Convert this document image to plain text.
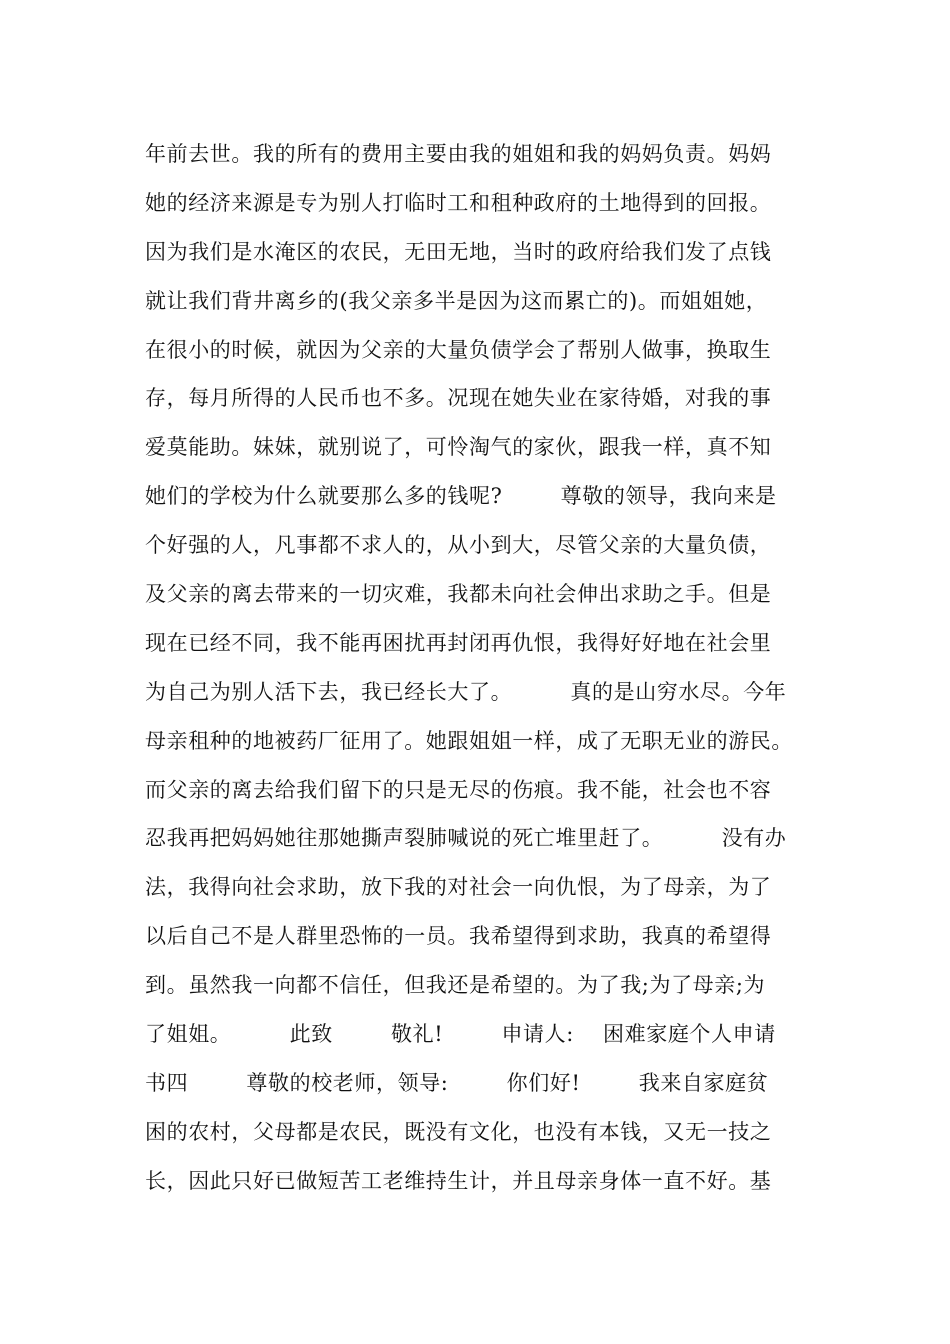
年前去世。我的所有的费用主要由我的姐姐和我的妈妈负责。妈妈
她的经济来源是专为别人打临时工和租种政府的土地得到的回报。
因为我们是水淹区的农民，无田无地，当时的政府给我们发了点钱
就让我们背井离乡的(我父亲多半是因为这而累亡的)。而姐姐她，
在很小的时候，就因为父亲的大量负债学会了帮别人做事，换取生
存，每月所得的人民币也不多。况现在她失业在家待婚，对我的事
爱莫能助。妹妹，就别说了，可怜淘气的家伙，跟我一样，真不知
她们的学校为什么就要那么多的钱呢?        尊敬的领导，我向来是
个好强的人，凡事都不求人的，从小到大，尽管父亲的大量负债，
及父亲的离去带来的一切灾难，我都未向社会伸出求助之手。但是
现在已经不同，我不能再困扰再封闭再仇恨，我得好好地在社会里
为自己为别人活下去，我已经长大了。        真的是山穷水尽。今年
母亲租种的地被药厂征用了。她跟姐姐一样，成了无职无业的游民。
而父亲的离去给我们留下的只是无尽的伤痕。我不能，社会也不容
忍我再把妈妈她往那她撕声裂肺喊说的死亡堆里赶了。        没有办
法，我得向社会求助，放下我的对社会一向仇恨，为了母亲，为了
以后自己不是人群里恐怖的一员。我希望得到求助，我真的希望得
到。虽然我一向都不信任，但我还是希望的。为了我;为了母亲;为
了姐姐。        此致        敬礼!        申请人:    困难家庭个人申请
书四        尊敬的校老师，领导:        你们好!        我来自家庭贫
困的农村，父母都是农民，既没有文化，也没有本钱，又无一技之
长，因此只好已做短苦工老维持生计，并且母亲身体一直不好。基
